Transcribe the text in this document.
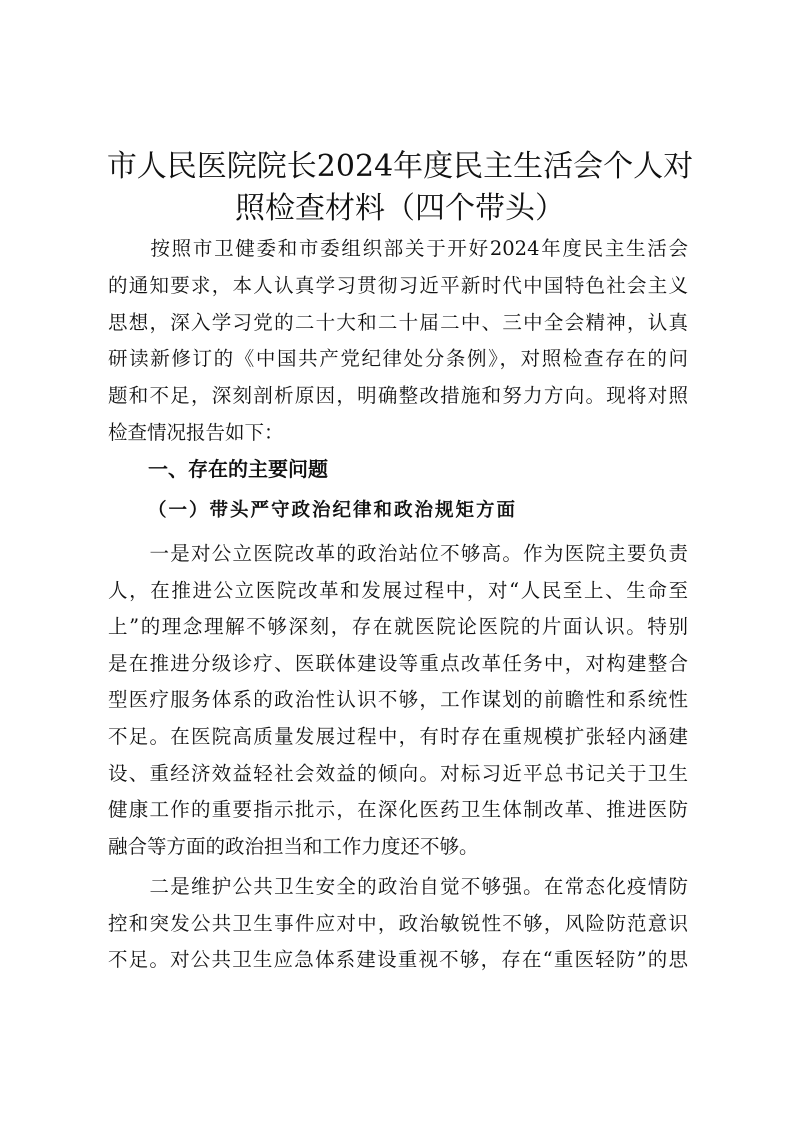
市人民医院院长2024年度民主生活会个人对
照检查材料（四个带头）
　　按照市卫健委和市委组织部关于开好2024年度民主生活会
的通知要求，本人认真学习贯彻习近平新时代中国特色社会主义
思想，深入学习党的二十大和二十届二中、三中全会精神，认真
研读新修订的《中国共产党纪律处分条例》，对照检查存在的问
题和不足，深刻剖析原因，明确整改措施和努力方向。现将对照
检查情况报告如下：
一、存在的主要问题
（一）带头严守政治纪律和政治规矩方面
　　一是对公立医院改革的政治站位不够高。作为医院主要负责
人，在推进公立医院改革和发展过程中，对“人民至上、生命至
上”的理念理解不够深刻，存在就医院论医院的片面认识。特别
是在推进分级诊疗、医联体建设等重点改革任务中，对构建整合
型医疗服务体系的政治性认识不够，工作谋划的前瞻性和系统性
不足。在医院高质量发展过程中，有时存在重规模扩张轻内涵建
设、重经济效益轻社会效益的倾向。对标习近平总书记关于卫生
健康工作的重要指示批示，在深化医药卫生体制改革、推进医防
融合等方面的政治担当和工作力度还不够。
　　二是维护公共卫生安全的政治自觉不够强。在常态化疫情防
控和突发公共卫生事件应对中，政治敏锐性不够，风险防范意识
不足。对公共卫生应急体系建设重视不够，存在“重医轻防”的思
